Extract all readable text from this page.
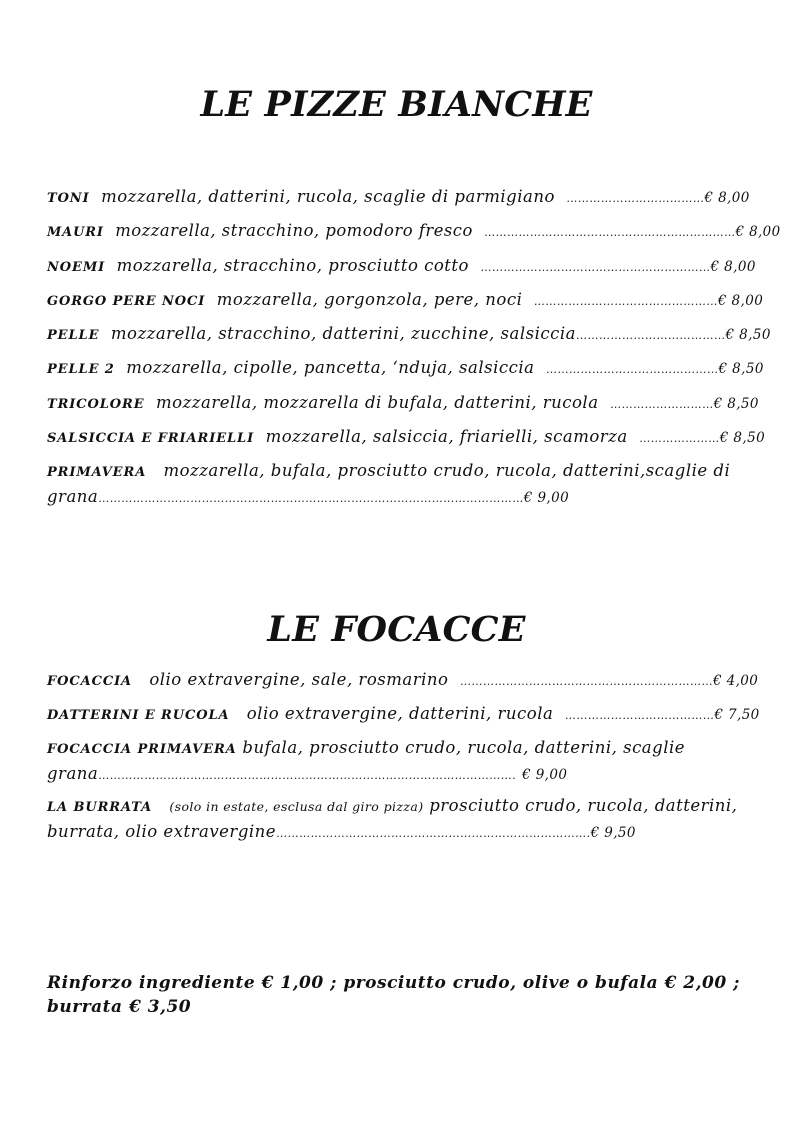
LE PIZZE BIANCHE
TONI mozzarella, datterini, rucola, scaglie di parmigiano ………………………………€ 8,00
MAURI mozzarella, stracchino, pomodoro fresco …………………………………………………………€ 8,00
NOEMI mozzarella, stracchino, prosciutto cotto ……………………………………………………€ 8,00
GORGO PERE NOCI mozzarella, gorgonzola, pere, noci …………………………………………€ 8,00
PELLE mozzarella, stracchino, datterini, zucchine, salsiccia…………………………………€ 8,50
PELLE 2 mozzarella, cipolle, pancetta, ‘nduja, salsiccia ………………………………………€ 8,50
TRICOLORE mozzarella, mozzarella di bufala, datterini, rucola ………………………€ 8,50
SALSICCIA E FRIARIELLI mozzarella, salsiccia, friarielli, scamorza …………………€ 8,50
PRIMAVERA mozzarella, bufala, prosciutto crudo, rucola, datterini,scaglie di
grana…………………………………………………………………………………………………€ 9,00
LE FOCACCE
FOCACCIA olio extravergine, sale, rosmarino …………………………………………………………€ 4,00
DATTERINI E RUCOLA olio extravergine, datterini, rucola …………………………………€ 7,50
FOCACCIA PRIMAVERA bufala, prosciutto crudo, rucola, datterini, scaglie
grana………………………………………………………………………………………………. € 9,00
LA BURRATA (solo in estate, esclusa dal giro pizza) prosciutto crudo, rucola, datterini,
burrata, olio extravergine……………………………………………………………………….€ 9,50
Rinforzo ingrediente € 1,00 ; prosciutto crudo, olive o bufala € 2,00 ; burrata € 3,50
